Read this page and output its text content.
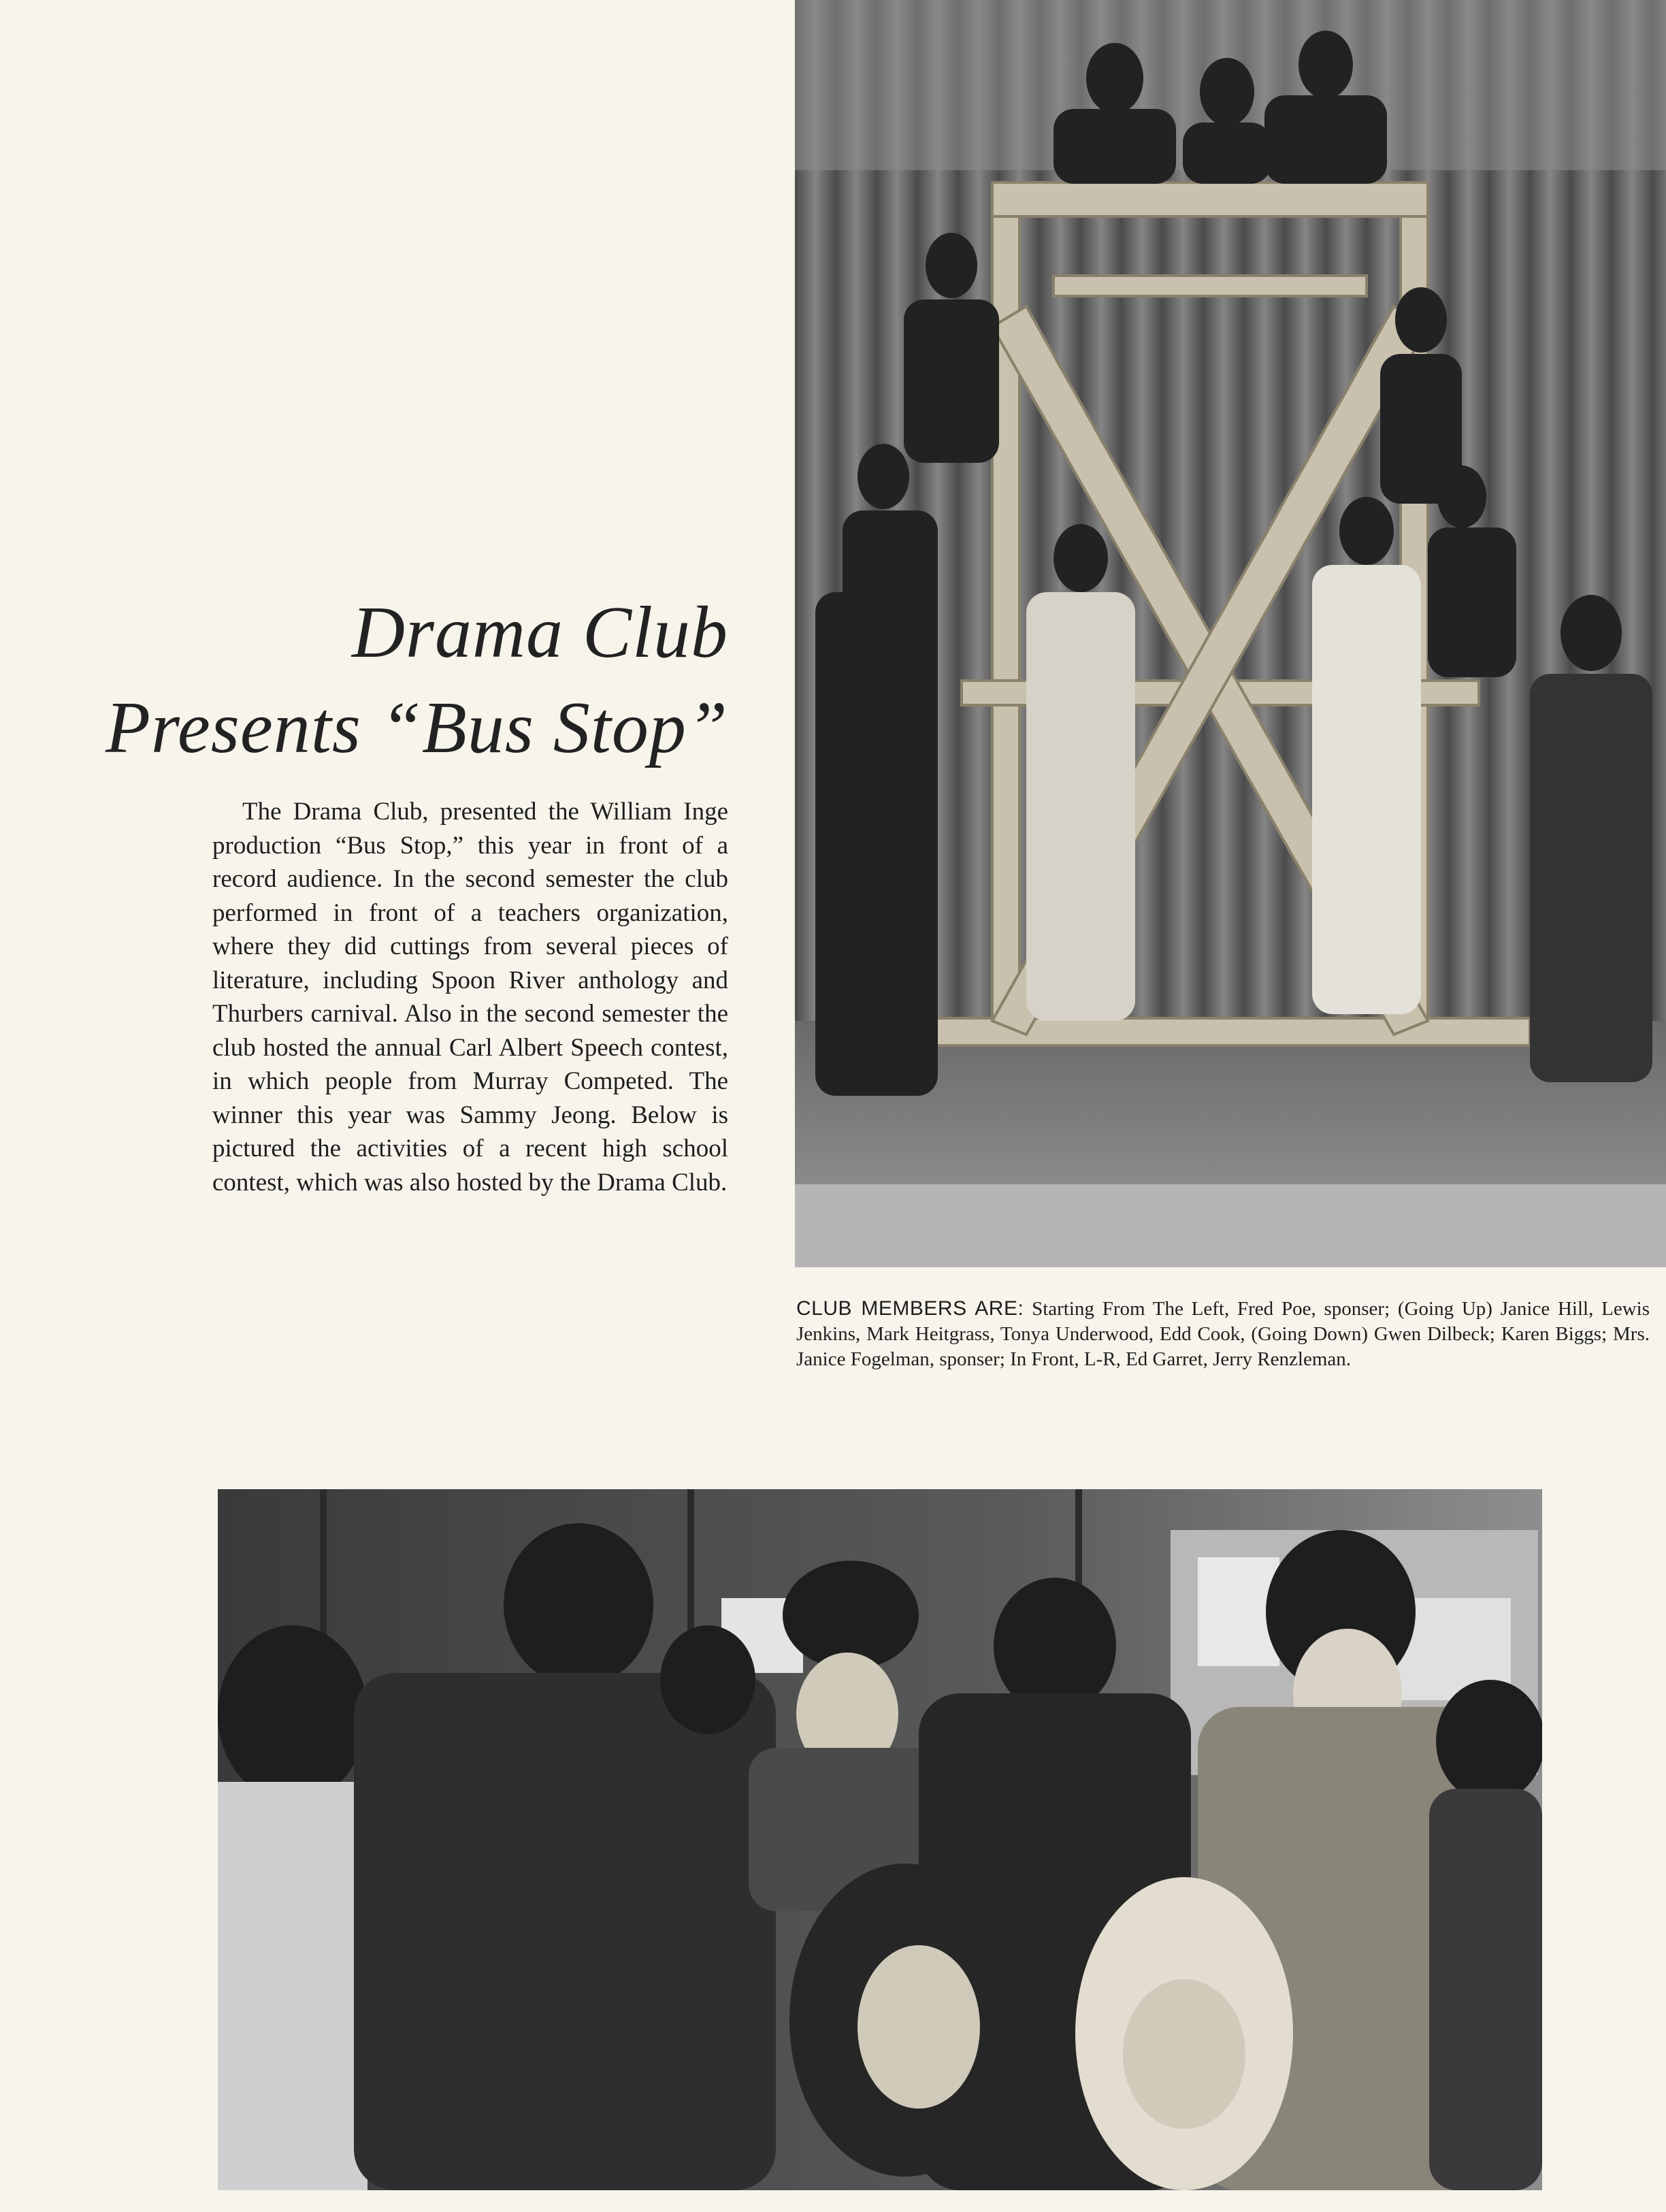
Drama Club
Presents “Bus Stop”

The Drama Club, presented the William Inge production “Bus Stop,” this year in front of a record audience. In the second semester the club performed in front of a teachers organization, where they did cuttings from several pieces of literature, including Spoon River anthology and Thurbers carnival. Also in the second semester the club hosted the annual Carl Albert Speech contest, in which people from Murray Competed. The winner this year was Sammy Jeong. Below is pictured the activities of a recent high school contest, which was also hosted by the Drama Club.

CLUB MEMBERS ARE: Starting From The Left, Fred Poe, sponser; (Going Up) Janice Hill, Lewis Jenkins, Mark Heitgrass, Tonya Underwood, Edd Cook, (Going Down) Gwen Dilbeck; Karen Biggs; Mrs. Janice Fogelman, sponser; In Front, L-R, Ed Garret, Jerry Renzleman.
